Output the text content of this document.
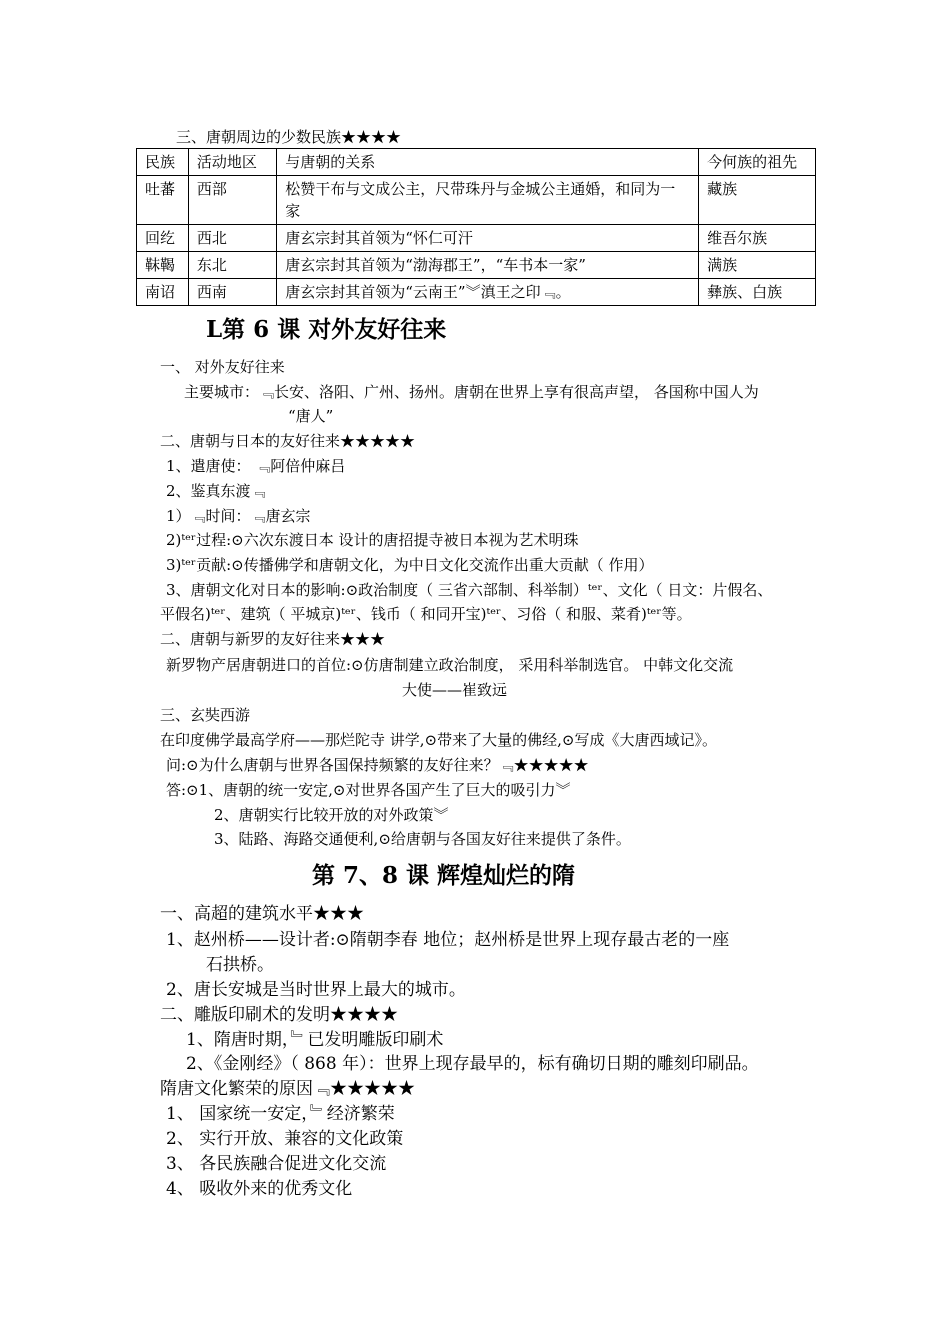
三、唐朝周边的少数民族★★★★
民族	活动地区	与唐朝的关系	今何族的祖先
吐蕃	西部	松赞干布与文成公主，尺带珠丹与金城公主通婚，和同为一家	藏族
回纥	西北	唐玄宗封其首领为“怀仁可汗	维吾尔族
靺鞨	东北	唐玄宗封其首领为“渤海郡王”，“车书本一家”	满族
南诏	西南	唐玄宗封其首领为“云南王”︾滇王之印﹃。	彝族、白族
L第 6 课 对外友好往来
一、 对外友好往来
主要城市：﹃长安、洛阳、广州、扬州。唐朝在世界上享有很高声望， 各国称中国人为
“唐人”
二、唐朝与日本的友好往来★★★★★
1、遣唐使： ﹃阿倍仲麻吕
2、鉴真东渡﹃
1）﹃时间：﹃唐玄宗
2)ᵗᵉʳ过程:⊙六次东渡日本 设计的唐招提寺被日本视为艺术明珠
3)ᵗᵉʳ贡献:⊙传播佛学和唐朝文化，为中日文化交流作出重大贡献（ 作用）
3、唐朝文化对日本的影响:⊙政治制度（ 三省六部制、科举制）ᵗᵉʳ、文化（ 日文：片假名、
平假名)ᵗᵉʳ、建筑（ 平城京)ᵗᵉʳ、钱币（ 和同开宝)ᵗᵉʳ、习俗（ 和服、菜肴)ᵗᵉʳ等。
二、唐朝与新罗的友好往来★★★
新罗物产居唐朝进口的首位:⊙仿唐制建立政治制度， 采用科举制选官。 中韩文化交流
大使——崔致远
三、玄奘西游
在印度佛学最高学府——那烂陀寺 讲学,⊙带来了大量的佛经,⊙写成《大唐西域记》。
问:⊙为什么唐朝与世界各国保持频繁的友好往来？﹃★★★★★
答:⊙1、唐朝的统一安定,⊙对世界各国产生了巨大的吸引力︾
2、唐朝实行比较开放的对外政策︾
3、陆路、海路交通便利,⊙给唐朝与各国友好往来提供了条件。
第 7、8 课 辉煌灿烂的隋
一、高超的建筑水平★★★
1、赵州桥——设计者:⊙隋朝李春 地位；赵州桥是世界上现存最古老的一座
石拱桥。
2、唐长安城是当时世界上最大的城市。
二、雕版印刷术的发明★★★★
1、隋唐时期，﹄已发明雕版印刷术
2、《金刚经》（ 868 年）：世界上现存最早的，标有确切日期的雕刻印刷品。
隋唐文化繁荣的原因﹃★★★★★
1、 国家统一安定，﹄经济繁荣
2、 实行开放、兼容的文化政策
3、 各民族融合促进文化交流
4、 吸收外来的优秀文化
